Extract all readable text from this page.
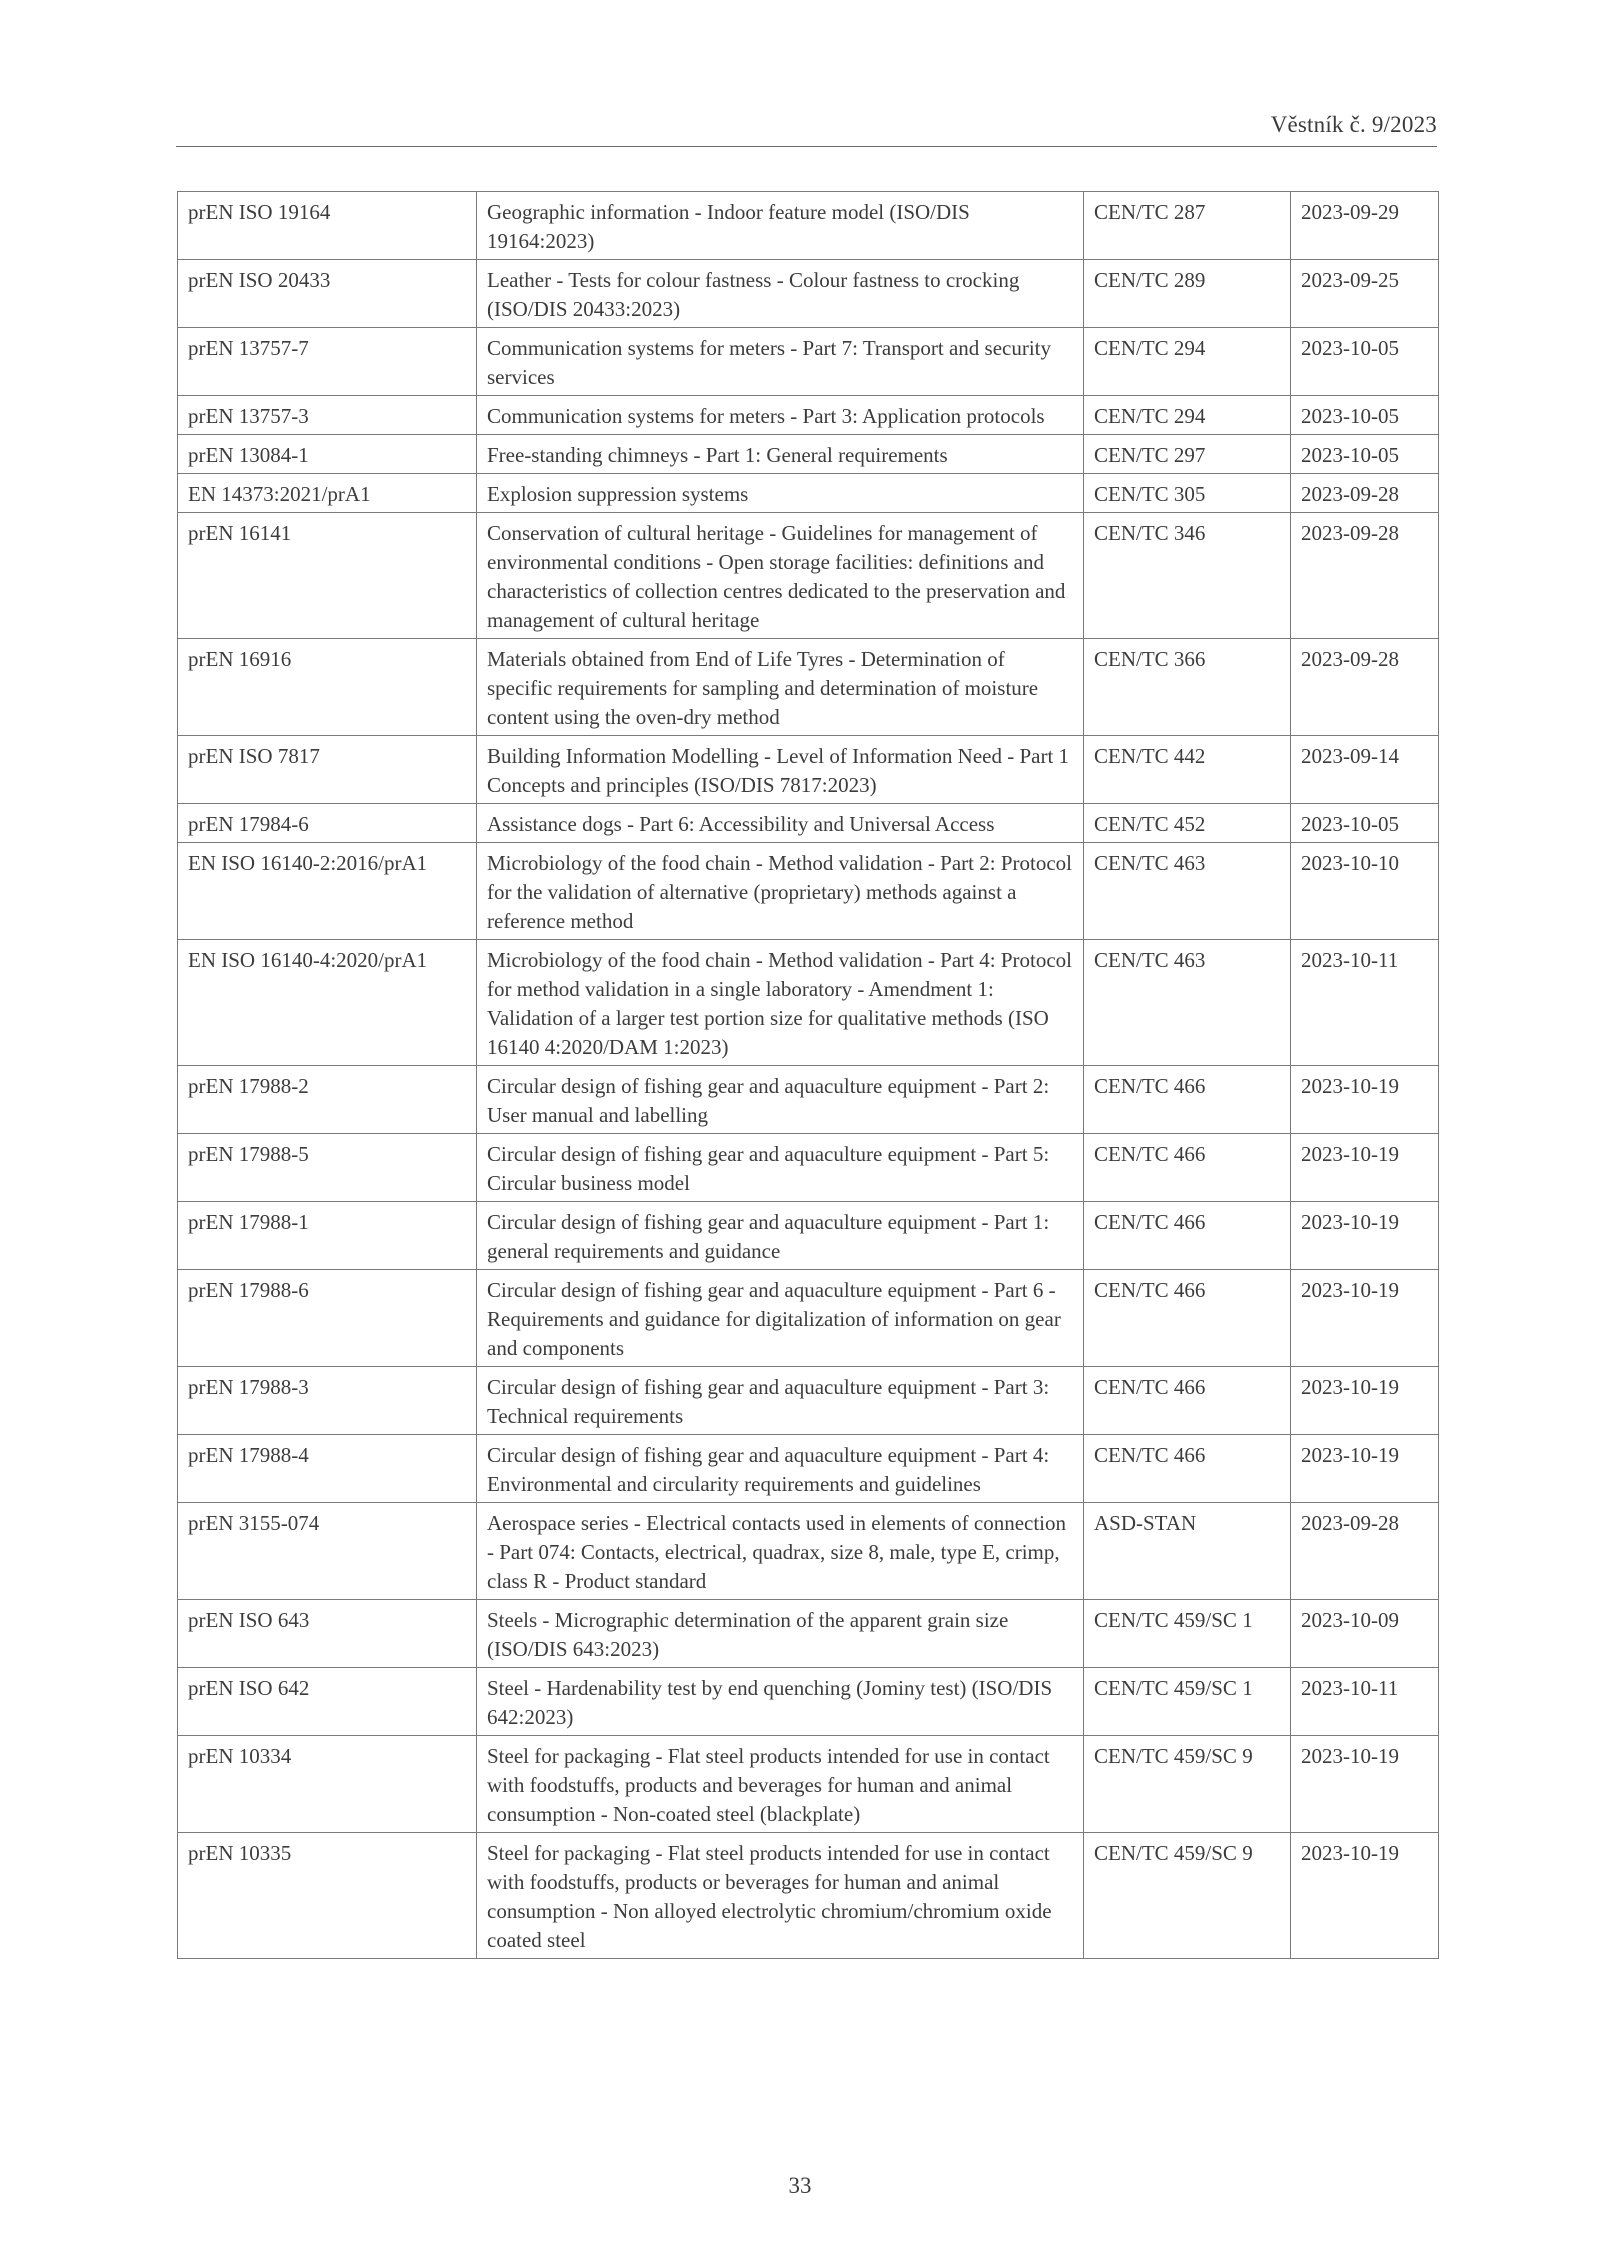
Věstník č. 9/2023
prEN ISO 19164	Geographic information - Indoor feature model (ISO/DIS 19164:2023)	CEN/TC 287	2023-09-29
prEN ISO 20433	Leather - Tests for colour fastness - Colour fastness to crocking (ISO/DIS 20433:2023)	CEN/TC 289	2023-09-25
prEN 13757-7	Communication systems for meters - Part 7: Transport and security services	CEN/TC 294	2023-10-05
prEN 13757-3	Communication systems for meters - Part 3: Application protocols	CEN/TC 294	2023-10-05
prEN 13084-1	Free-standing chimneys - Part 1: General requirements	CEN/TC 297	2023-10-05
EN 14373:2021/prA1	Explosion suppression systems	CEN/TC 305	2023-09-28
prEN 16141	Conservation of cultural heritage - Guidelines for management of environmental conditions - Open storage facilities: definitions and characteristics of collection centres dedicated to the preservation and management of cultural heritage	CEN/TC 346	2023-09-28
prEN 16916	Materials obtained from End of Life Tyres - Determination of specific requirements for sampling and determination of moisture content using the oven-dry method	CEN/TC 366	2023-09-28
prEN ISO 7817	Building Information Modelling - Level of Information Need - Part 1 Concepts and principles (ISO/DIS 7817:2023)	CEN/TC 442	2023-09-14
prEN 17984-6	Assistance dogs - Part 6: Accessibility and Universal Access	CEN/TC 452	2023-10-05
EN ISO 16140-2:2016/prA1	Microbiology of the food chain - Method validation - Part 2: Protocol for the validation of alternative (proprietary) methods against a reference method	CEN/TC 463	2023-10-10
EN ISO 16140-4:2020/prA1	Microbiology of the food chain - Method validation - Part 4: Protocol for method validation in a single laboratory - Amendment 1: Validation of a larger test portion size for qualitative methods (ISO 16140 4:2020/DAM 1:2023)	CEN/TC 463	2023-10-11
prEN 17988-2	Circular design of fishing gear and aquaculture equipment - Part 2: User manual and labelling	CEN/TC 466	2023-10-19
prEN 17988-5	Circular design of fishing gear and aquaculture equipment - Part 5: Circular business model	CEN/TC 466	2023-10-19
prEN 17988-1	Circular design of fishing gear and aquaculture equipment - Part 1: general requirements and guidance	CEN/TC 466	2023-10-19
prEN 17988-6	Circular design of fishing gear and aquaculture equipment - Part 6 - Requirements and guidance for digitalization of information on gear and components	CEN/TC 466	2023-10-19
prEN 17988-3	Circular design of fishing gear and aquaculture equipment - Part 3: Technical requirements	CEN/TC 466	2023-10-19
prEN 17988-4	Circular design of fishing gear and aquaculture equipment - Part 4: Environmental and circularity requirements and guidelines	CEN/TC 466	2023-10-19
prEN 3155-074	Aerospace series - Electrical contacts used in elements of connection - Part 074: Contacts, electrical, quadrax, size 8, male, type E, crimp, class R - Product standard	ASD-STAN	2023-09-28
prEN ISO 643	Steels - Micrographic determination of the apparent grain size (ISO/DIS 643:2023)	CEN/TC 459/SC 1	2023-10-09
prEN ISO 642	Steel - Hardenability test by end quenching (Jominy test) (ISO/DIS 642:2023)	CEN/TC 459/SC 1	2023-10-11
prEN 10334	Steel for packaging - Flat steel products intended for use in contact with foodstuffs, products and beverages for human and animal consumption - Non-coated steel (blackplate)	CEN/TC 459/SC 9	2023-10-19
prEN 10335	Steel for packaging - Flat steel products intended for use in contact with foodstuffs, products or beverages for human and animal consumption - Non alloyed electrolytic chromium/chromium oxide coated steel	CEN/TC 459/SC 9	2023-10-19
33
